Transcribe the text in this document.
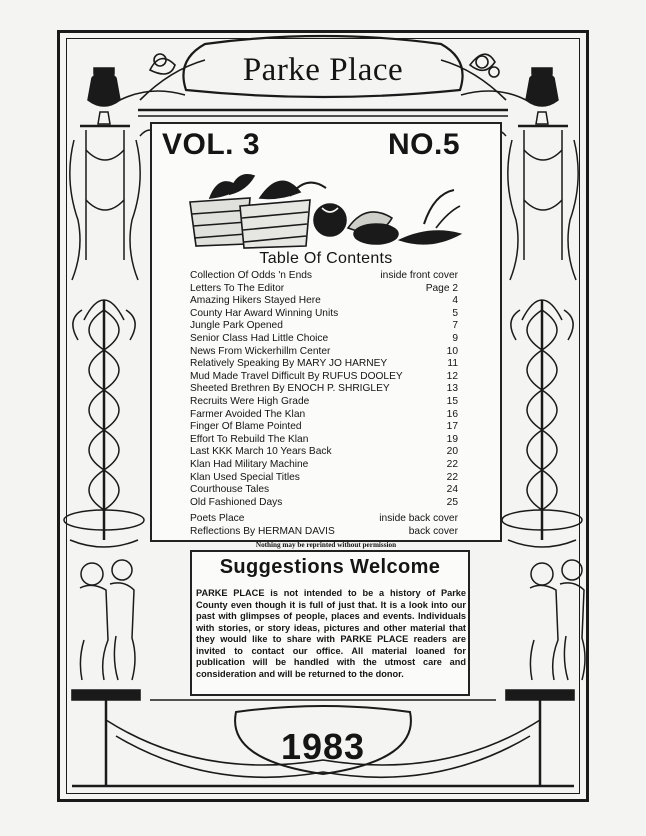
Parke Place
VOL. 3	NO.5
Table Of Contents
Collection Of Odds 'n Ends	inside front cover
Letters To The Editor	Page 2
Amazing Hikers Stayed Here	4
County Har Award Winning Units	5
Jungle Park Opened	7
Senior Class Had Little Choice	9
News From Wickerhillm Center	10
Relatively Speaking By MARY JO HARNEY	11
Mud Made Travel Difficult By RUFUS DOOLEY	12
Sheeted Brethren By ENOCH P. SHRIGLEY	13
Recruits Were High Grade	15
Farmer Avoided The Klan	16
Finger Of Blame Pointed	17
Effort To Rebuild The Klan	19
Last KKK March 10 Years Back	20
Klan Had Military Machine	22
Klan Used Special Titles	22
Courthouse Tales	24
Old Fashioned Days	25
Poets Place	inside back cover
Reflections By HERMAN DAVIS	back cover
Nothing may be reprinted without permission
Suggestions Welcome
PARKE PLACE is not intended to be a history of Parke County even though it is full of just that. It is a look into our past with glimpses of people, places and events. Individuals with stories, or story ideas, pictures and other material that they would like to share with PARKE PLACE readers are invited to contact our office. All material loaned for publication will be handled with the utmost care and consideration and will be returned to the donor.
1983
